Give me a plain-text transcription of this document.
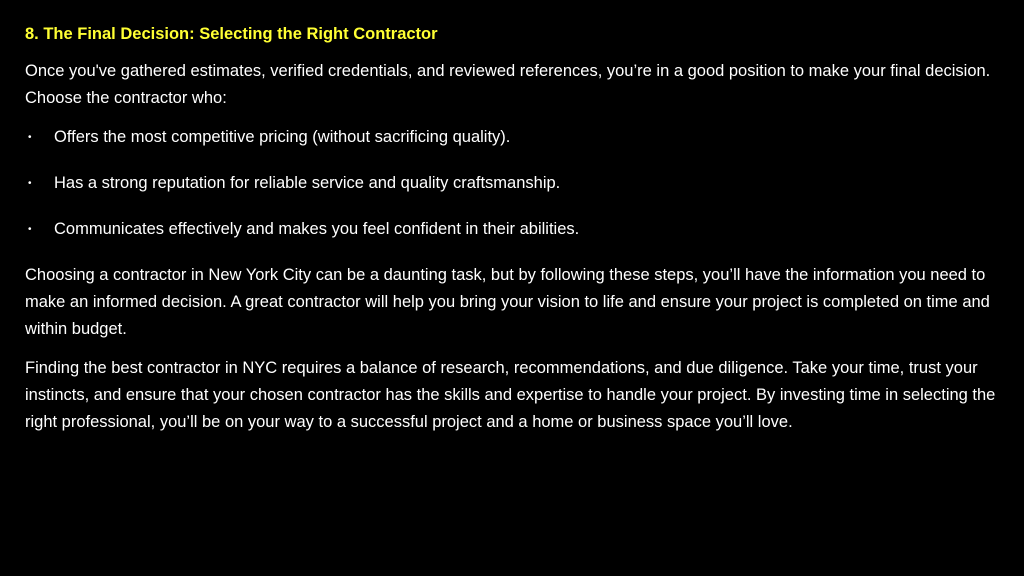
8. The Final Decision: Selecting the Right Contractor

Once you've gathered estimates, verified credentials, and reviewed references, you’re in a good position to make your final decision. Choose the contractor who:

• Offers the most competitive pricing (without sacrificing quality).
• Has a strong reputation for reliable service and quality craftsmanship.
• Communicates effectively and makes you feel confident in their abilities.

Choosing a contractor in New York City can be a daunting task, but by following these steps, you’ll have the information you need to make an informed decision. A great contractor will help you bring your vision to life and ensure your project is completed on time and within budget.

Finding the best contractor in NYC requires a balance of research, recommendations, and due diligence. Take your time, trust your instincts, and ensure that your chosen contractor has the skills and expertise to handle your project. By investing time in selecting the right professional, you’ll be on your way to a successful project and a home or business space you’ll love.
